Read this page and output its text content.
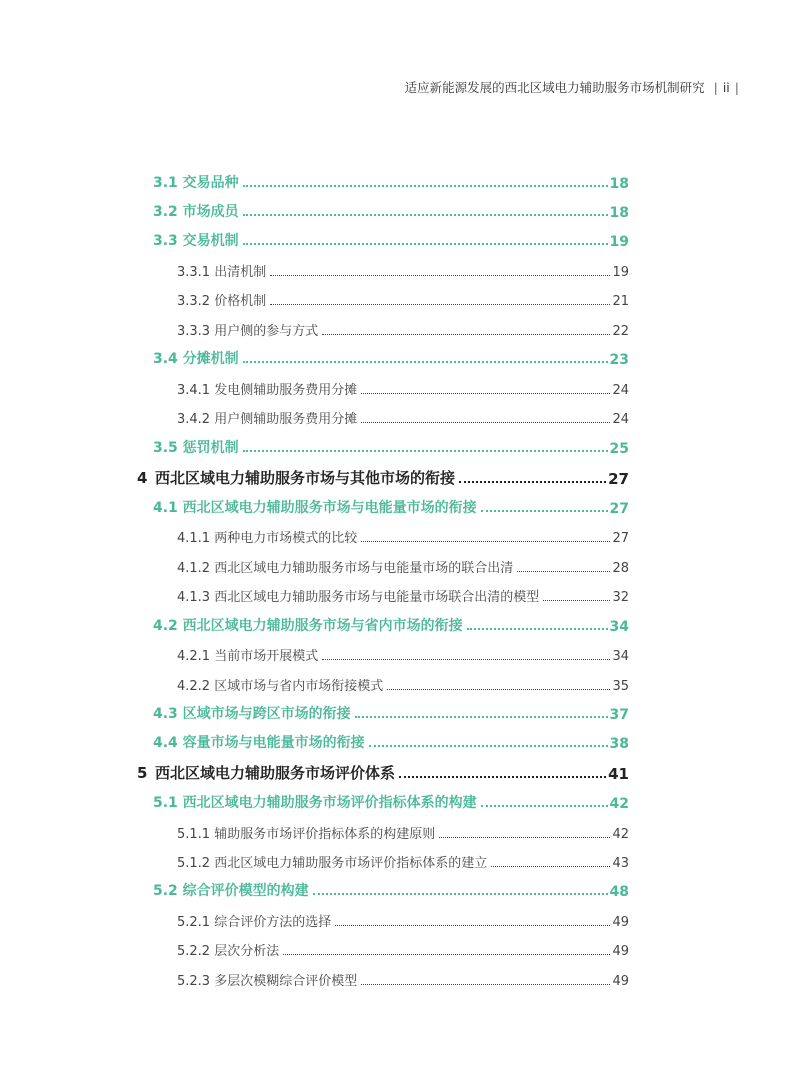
适应新能源发展的西北区域电力辅助服务市场机制研究 | ii |
3.1 交易品种	18
3.2 市场成员	18
3.3 交易机制	19
3.3.1 出清机制	19
3.3.2 价格机制	21
3.3.3 用户侧的参与方式	22
3.4 分摊机制	23
3.4.1 发电侧辅助服务费用分摊	24
3.4.2 用户侧辅助服务费用分摊	24
3.5 惩罚机制	25
4 西北区域电力辅助服务市场与其他市场的衔接	27
4.1 西北区域电力辅助服务市场与电能量市场的衔接	27
4.1.1 两种电力市场模式的比较	27
4.1.2 西北区域电力辅助服务市场与电能量市场的联合出清	28
4.1.3 西北区域电力辅助服务市场与电能量市场联合出清的模型	32
4.2 西北区域电力辅助服务市场与省内市场的衔接	34
4.2.1 当前市场开展模式	34
4.2.2 区域市场与省内市场衔接模式	35
4.3 区域市场与跨区市场的衔接	37
4.4 容量市场与电能量市场的衔接	38
5 西北区域电力辅助服务市场评价体系	41
5.1 西北区域电力辅助服务市场评价指标体系的构建	42
5.1.1 辅助服务市场评价指标体系的构建原则	42
5.1.2 西北区域电力辅助服务市场评价指标体系的建立	43
5.2 综合评价模型的构建	48
5.2.1 综合评价方法的选择	49
5.2.2 层次分析法	49
5.2.3 多层次模糊综合评价模型	49
